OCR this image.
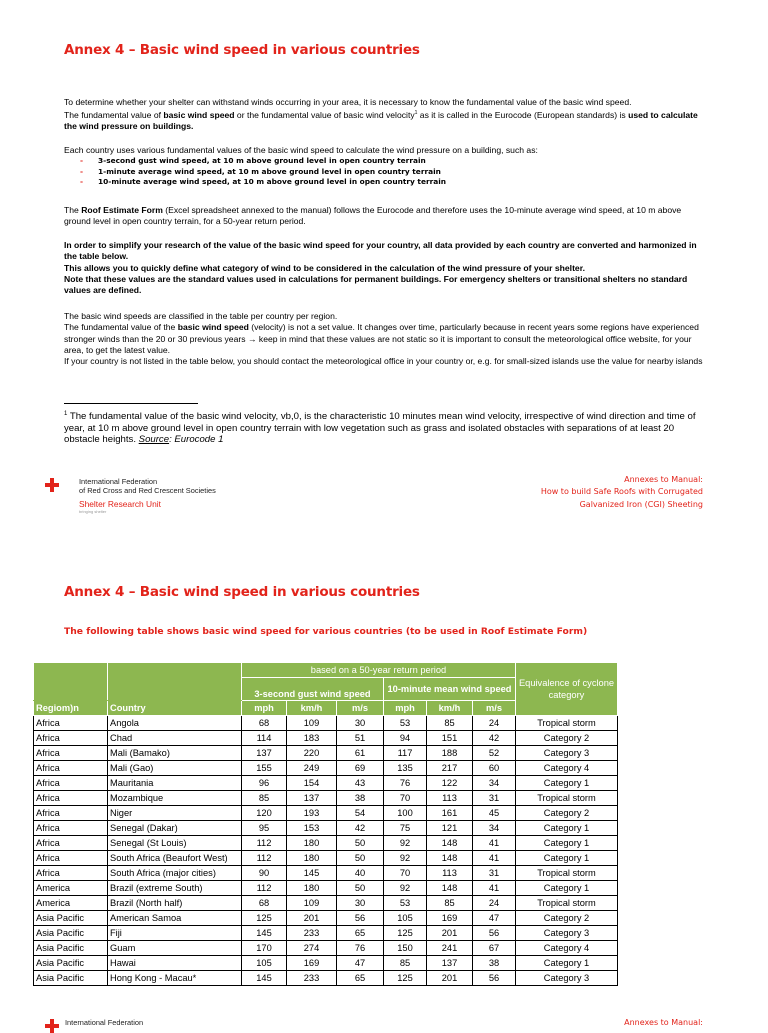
Annex 4 – Basic wind speed in various countries

To determine whether your shelter can withstand winds occurring in your area, it is necessary to know the fundamental value of the basic wind speed.

The fundamental value of basic wind speed or the fundamental value of basic wind velocity$^1$ as it is called in the Eurocode (European standards) is used to calculate the wind pressure on buildings.

Each country uses various fundamental values of the basic wind speed to calculate the wind pressure on a building, such as:
- 3-second gust wind speed, at 10 m above ground level in open country terrain
- 1-minute average wind speed, at 10 m above ground level in open country terrain
- 10-minute average wind speed, at 10 m above ground level in open country terrain
The Roof Estimate Form (Excel spreadsheet annexed to the manual) follows the Eurocode and therefore uses the 10-minute average wind speed, at 10 m above ground level in open country terrain, for a 50-year return period.

In order to simplify your research of the value of the basic wind speed for your country, all data provided by each country are converted and harmonized in the table below.

This allows you to quickly define what category of wind to be considered in the calculation of the wind pressure of your shelter.

Note that these values are the standard values used in calculations for permanent buildings. For emergency shelters or transitional shelters no standard values are defined.

The basic wind speeds are classified in the table per country per region.

The fundamental value of the basic wind speed (velocity) is not a set value. It changes over time, particularly because in recent years some regions have experienced stronger winds than the 20 or 30 previous years → keep in mind that these values are not static so it is important to consult the meteorological office website, for your area, to get the latest value.

If your country is not listed in the table below, you should contact the meteorological office in your country or, e.g. for small-sized islands use the value for nearby islands

$^1$ The fundamental value of the basic wind velocity, vb,0, is the characteristic 10 minutes mean wind velocity, irrespective of wind direction and time of year, at 10 m above ground level in open country terrain with low vegetation such as grass and isolated obstacles with separations of at least 20 obstacle heights. Source: Eurocode 1
International Federation
of Red Cross and Red Crescent Societies
Shelter Research Unit
bringing shelter
Annexes to Manual:
How to build Safe Roofs with Corrugated
Galvanized Iron (CGI) Sheeting
Annex 4 – Basic wind speed in various countries
The following table shows basic wind speed for various countries (to be used in Roof Estimate Form)
		based on a 50-year return period						Equivalence of cyclone category
		3-second gust wind speed			10-minute mean wind speed			
Regiom)n	Country	mph	km/h	m/s	mph	km/h	m/s	
Africa	Angola	68	109	30	53	85	24	Tropical storm
Africa	Chad	114	183	51	94	151	42	Category 2
Africa	Mali (Bamako)	137	220	61	117	188	52	Category 3
Africa	Mali (Gao)	155	249	69	135	217	60	Category 4
Africa	Mauritania	96	154	43	76	122	34	Category 1
Africa	Mozambique	85	137	38	70	113	31	Tropical storm
Africa	Niger	120	193	54	100	161	45	Category 2
Africa	Senegal (Dakar)	95	153	42	75	121	34	Category 1
Africa	Senegal (St Louis)	112	180	50	92	148	41	Category 1
Africa	South Africa (Beaufort West)	112	180	50	92	148	41	Category 1
Africa	South Africa (major cities)	90	145	40	70	113	31	Tropical storm
America	Brazil (extreme South)	112	180	50	92	148	41	Category 1
America	Brazil (North half)	68	109	30	53	85	24	Tropical storm
Asia Pacific	American Samoa	125	201	56	105	169	47	Category 2
Asia Pacific	Fiji	145	233	65	125	201	56	Category 3
Asia Pacific	Guam	170	274	76	150	241	67	Category 4
Asia Pacific	Hawai	105	169	47	85	137	38	Category 1
Asia Pacific	Hong Kong - Macau*	145	233	65	125	201	56	Category 3
International Federation	Annexes to Manual:
